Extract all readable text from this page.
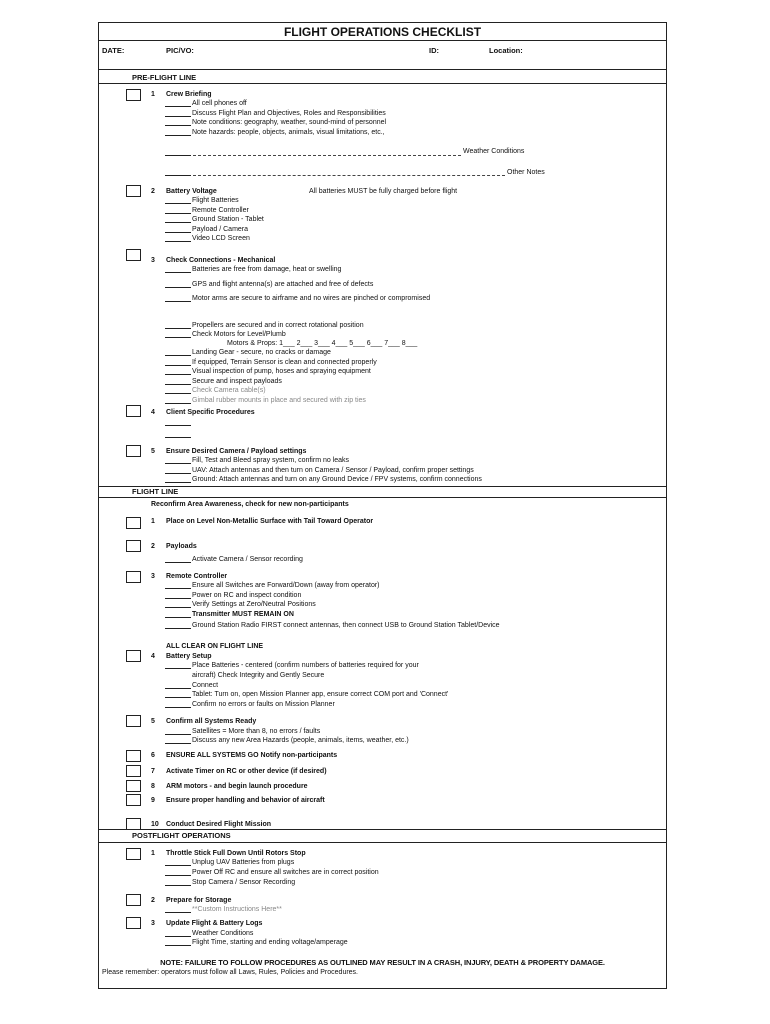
FLIGHT OPERATIONS CHECKLIST
DATE:	PIC/VO:	ID:	Location:
PRE-FLIGHT LINE
1 Crew Briefing
All cell phones off
Discuss Flight Plan and Objectives, Roles and Responsibilities
Note conditions: geography, weather, sound-mind of personnel
Note hazards: people, objects, animals, visual limitations, etc.,
Weather Conditions
Other Notes
2 Battery Voltage	All batteries MUST be fully charged before flight
Flight Batteries
Remote Controller
Ground Station - Tablet
Payload / Camera
Video LCD Screen
3 Check Connections - Mechanical
Batteries are free from damage, heat or swelling
GPS and flight antenna(s) are attached and free of defects
Motor arms are secure to airframe and no wires are pinched or compromised
Propellers are secured and in correct rotational position
Check Motors for Level/Plumb
Motors & Props: 1___ 2___ 3___ 4___ 5___ 6___ 7___ 8___
Landing Gear - secure, no cracks or damage
If equipped, Terrain Sensor is clean and connected properly
Visual inspection of pump, hoses and spraying equipment
Secure and inspect payloads
Check Camera cable(s)
Gimbal rubber mounts in place and secured with zip ties
4 Client Specific Procedures
5 Ensure Desired Camera / Payload settings
Fill, Test and Bleed spray system, confirm no leaks
UAV: Attach antennas and then turn on Camera / Sensor / Payload, confirm proper settings
Ground: Attach antennas and turn on any Ground Device / FPV systems, confirm connections
FLIGHT LINE
Reconfirm Area Awareness, check for new non-participants
1 Place on Level Non-Metallic Surface with Tail Toward Operator
2 Payloads
Activate Camera / Sensor recording
3 Remote Controller
Ensure all Switches are Forward/Down (away from operator)
Power on RC and inspect condition
Verify Settings at Zero/Neutral Positions
Transmitter MUST REMAIN ON
Ground Station Radio FIRST connect antennas, then connect USB to Ground Station Tablet/Device
ALL CLEAR ON FLIGHT LINE
4 Battery Setup
Place Batteries - centered (confirm numbers of batteries required for your
aircraft) Check Integrity and Gently Secure
Connect
Tablet: Turn on, open Mission Planner app, ensure correct COM port and 'Connect'
Confirm no errors or faults on Mission Planner
5 Confirm all Systems Ready
Satellites = More than 8, no errors / faults
Discuss any new Area Hazards (people, animals, items, weather, etc.)
6 ENSURE ALL SYSTEMS GO Notify non-participants
7 Activate Timer on RC or other device (if desired)
8 ARM motors - and begin launch procedure
9 Ensure proper handling and behavior of aircraft
10 Conduct Desired Flight Mission
POSTFLIGHT OPERATIONS
1 Throttle Stick Full Down Until Rotors Stop
Unplug UAV Batteries from plugs
Power Off RC and ensure all switches are in correct position
Stop Camera / Sensor Recording
2 Prepare for Storage
**Custom Instructions Here**
3 Update Flight & Battery Logs
Weather Conditions
Flight Time, starting and ending voltage/amperage
NOTE: FAILURE TO FOLLOW PROCEDURES AS OUTLINED MAY RESULT IN A CRASH, INJURY, DEATH & PROPERTY DAMAGE.
Please remember: operators must follow all Laws, Rules, Policies and Procedures.
